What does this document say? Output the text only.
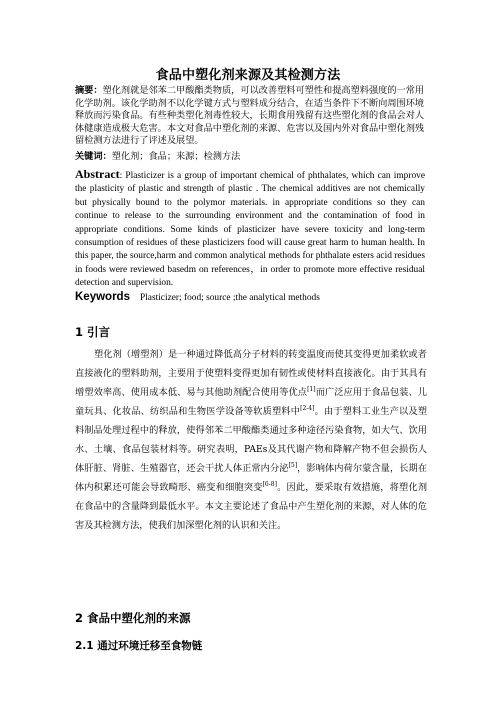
食品中塑化剂来源及其检测方法
摘要：塑化剂就是邻苯二甲酸酯类物质，可以改善塑料可塑性和提高塑料强度的一常用化学助剂。该化学助剂不以化学键方式与塑料成分结合，在适当条件下不断向周围环境释放而污染食品。有些种类塑化剂毒性较大，长期食用残留有这些塑化剂的食品会对人体健康造成极大危害。本文对食品中塑化剂的来源、危害以及国内外对食品中塑化剂残留检测方法进行了评述及展望。
关键词：塑化剂；食品；来源；检测方法
Abstract: Plasticizer is a group of important chemical of phthalates, which can improve the plasticity of plastic and strength of plastic . The chemical additives are not chemically but physically bound to the polymor materials. in appropriate conditions so they can continue to release to the surrounding environment and the contamination of food in appropriate conditions. Some kinds of plasticizer have severe toxicity and long-term consumption of residues of these plasticizers food will cause great harm to human health. In this paper, the source,harm and common analytical methods for phthalate esters acid residues in foods were reviewed basedm on references，in order to promote more effective residual detection and supervision.
Keywords Plasticizer; food; source ;the analytical methods
1 引言
塑化剂（增塑剂）是一种通过降低高分子材料的转变温度而使其变得更加柔软或者直接液化的塑料助剂，主要用于使塑料变得更加有韧性或使材料直接液化。由于其具有增塑效率高、使用成本低、易与其他助剂配合使用等优点[1]而广泛应用于食品包装、儿童玩具、化妆品、纺织品和生物医学设备等软质塑料中[2-4]。由于塑料工业生产以及塑料制品处理过程中的释放，使得邻苯二甲酸酯类通过多种途径污染食物，如大气、饮用水、土壤、食品包装材料等。研究表明，PAEs及其代谢产物和降解产物不但会损伤人体肝脏、肾脏、生殖器官，还会干扰人体正常内分泌[5]，影响体内荷尔蒙含量，长期在体内积累还可能会导致畸形、癌变和细胞突变[6-8]。因此，要采取有效措施，将塑化剂在食品中的含量降到最低水平。本文主要论述了食品中产生塑化剂的来源，对人体的危害及其检测方法，使我们加深塑化剂的认识和关注。
2 食品中塑化剂的来源
2.1 通过环境迁移至食物链
